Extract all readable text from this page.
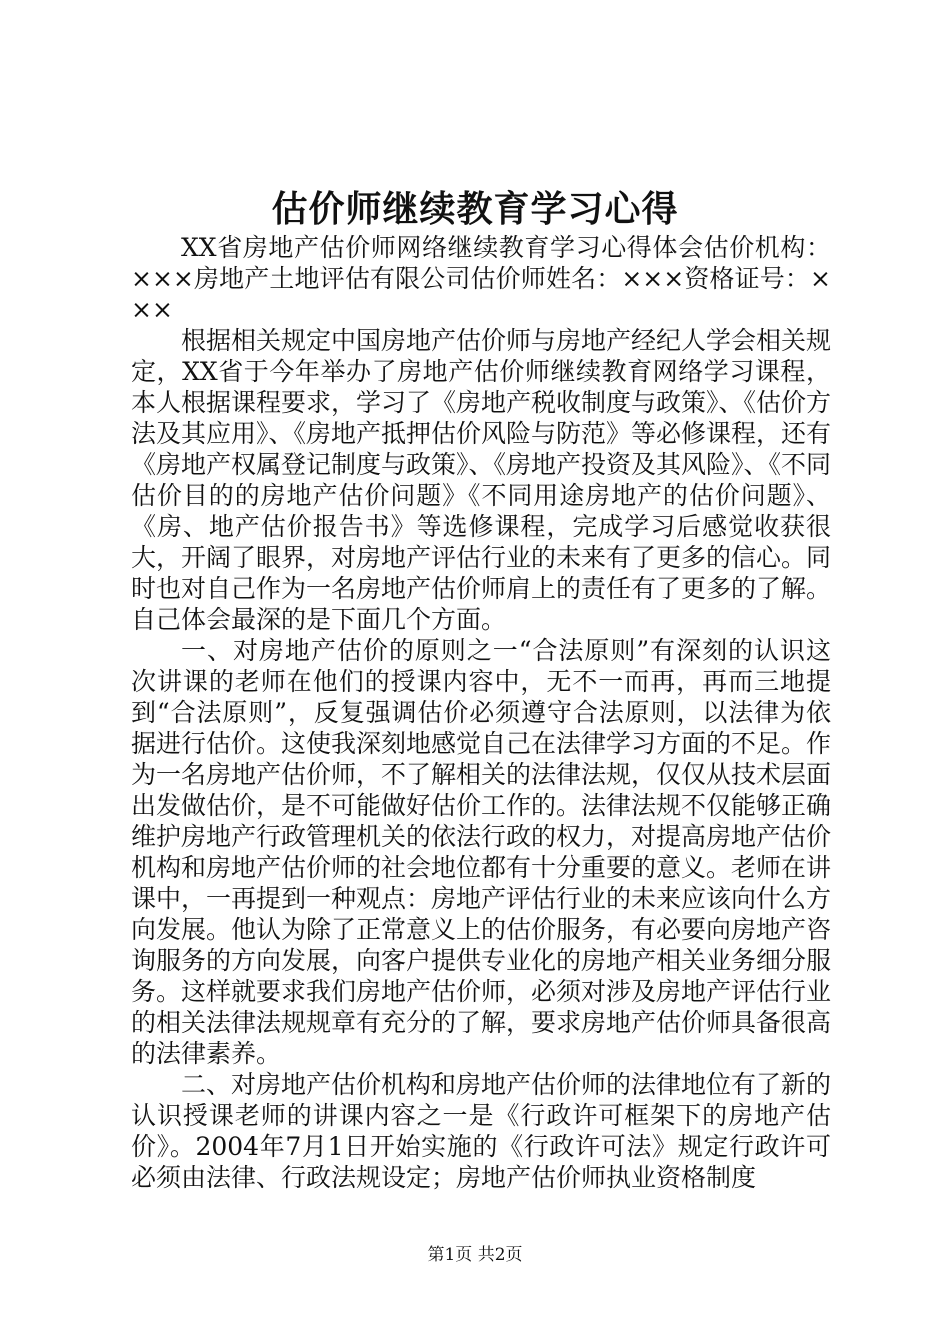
估价师继续教育学习心得

XX省房地产估价师网络继续教育学习心得体会估价机构：×××房地产土地评估有限公司估价师姓名：×××资格证号：×××

根据相关规定中国房地产估价师与房地产经纪人学会相关规定，XX省于今年举办了房地产估价师继续教育网络学习课程，本人根据课程要求，学习了《房地产税收制度与政策》、《估价方法及其应用》、《房地产抵押估价风险与防范》等必修课程，还有《房地产权属登记制度与政策》、《房地产投资及其风险》、《不同估价目的的房地产估价问题》《不同用途房地产的估价问题》、《房、地产估价报告书》等选修课程，完成学习后感觉收获很大，开阔了眼界，对房地产评估行业的未来有了更多的信心。同时也对自己作为一名房地产估价师肩上的责任有了更多的了解。自己体会最深的是下面几个方面。

一、对房地产估价的原则之一“合法原则”有深刻的认识这次讲课的老师在他们的授课内容中，无不一而再，再而三地提到“合法原则”，反复强调估价必须遵守合法原则，以法律为依据进行估价。这使我深刻地感觉自己在法律学习方面的不足。作为一名房地产估价师，不了解相关的法律法规，仅仅从技术层面出发做估价，是不可能做好估价工作的。法律法规不仅能够正确维护房地产行政管理机关的依法行政的权力，对提高房地产估价机构和房地产估价师的社会地位都有十分重要的意义。老师在讲课中，一再提到一种观点：房地产评估行业的未来应该向什么方向发展。他认为除了正常意义上的估价服务，有必要向房地产咨询服务的方向发展，向客户提供专业化的房地产相关业务细分服务。这样就要求我们房地产估价师，必须对涉及房地产评估行业的相关法律法规规章有充分的了解，要求房地产估价师具备很高的法律素养。

二、对房地产估价机构和房地产估价师的法律地位有了新的认识授课老师的讲课内容之一是《行政许可框架下的房地产估价》。2004年7月1日开始实施的《行政许可法》规定行政许可必须由法律、行政法规设定；房地产估价师执业资格制度

第1页 共2页
